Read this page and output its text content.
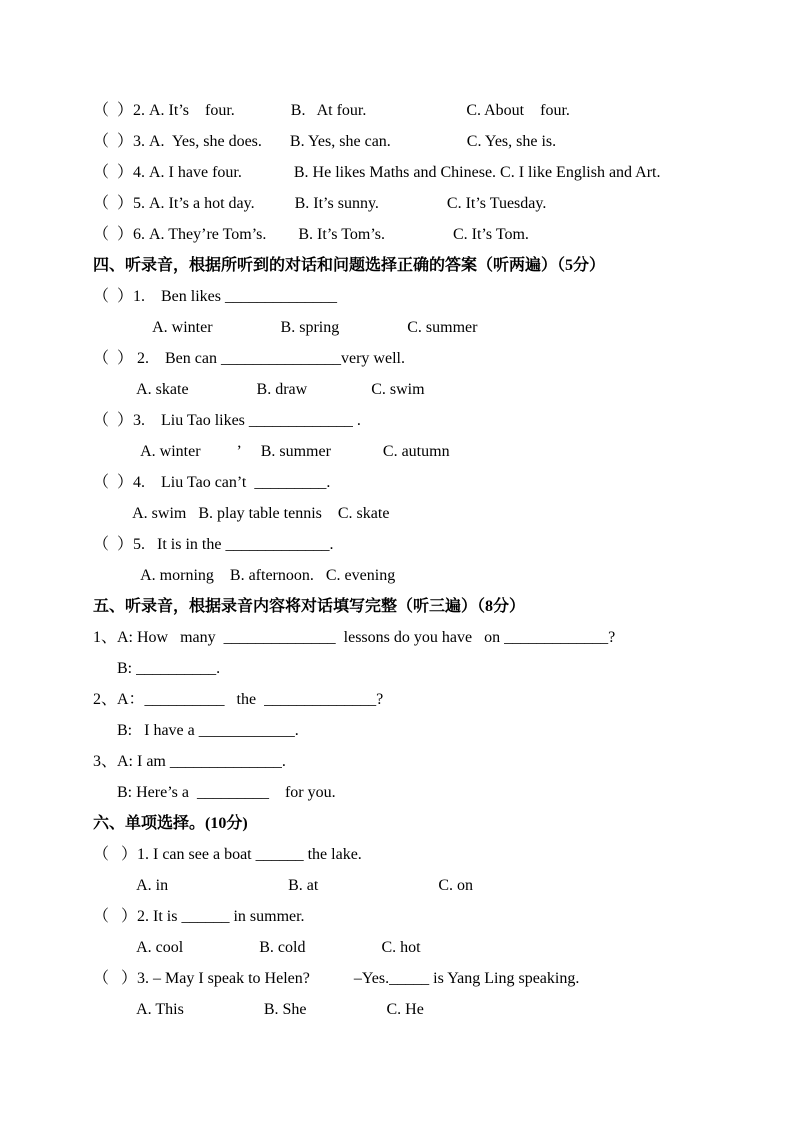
（  ）2. A. It’s    four.              B.   At four.                         C. About    four.
（  ）3. A.  Yes, she does.       B. Yes, she can.                   C. Yes, she is.
（  ）4. A. I have four.             B. He likes Maths and Chinese. C. I like English and Art.
（  ）5. A. It’s a hot day.          B. It’s sunny.                 C. It’s Tuesday.
（  ）6. A. They’re Tom’s.        B. It’s Tom’s.                 C. It’s Tom.
四、听录音，根据所听到的对话和问题选择正确的答案（听两遍）（5分）
（  ）1.    Ben likes ______________
A. winter                 B. spring                 C. summer
（  ） 2.    Ben can _______________very well.
A. skate                 B. draw                C. swim
（  ）3.    Liu Tao likes _____________ .
A. winter         ’     B. summer             C. autumn
（  ）4.    Liu Tao can’t  _________.
A. swim   B. play table tennis    C. skate
（  ）5.   It is in the _____________.
A. morning    B. afternoon.   C. evening
五、听录音，根据录音内容将对话填写完整（听三遍）（8分）
1、A: How   many  ______________  lessons do you have   on _____________?
B: __________.
2、A：__________   the  ______________?
B:   I have a ____________.
3、A: I am ______________.
B: Here’s a  _________    for you.
六、单项选择。(10分)
（   ）1. I can see a boat ______ the lake.
A. in                              B. at                              C. on
（   ）2. It is ______ in summer.
A. cool                   B. cold                   C. hot
（   ）3. – May I speak to Helen?           –Yes._____ is Yang Ling speaking.
A. This                    B. She                    C. He
